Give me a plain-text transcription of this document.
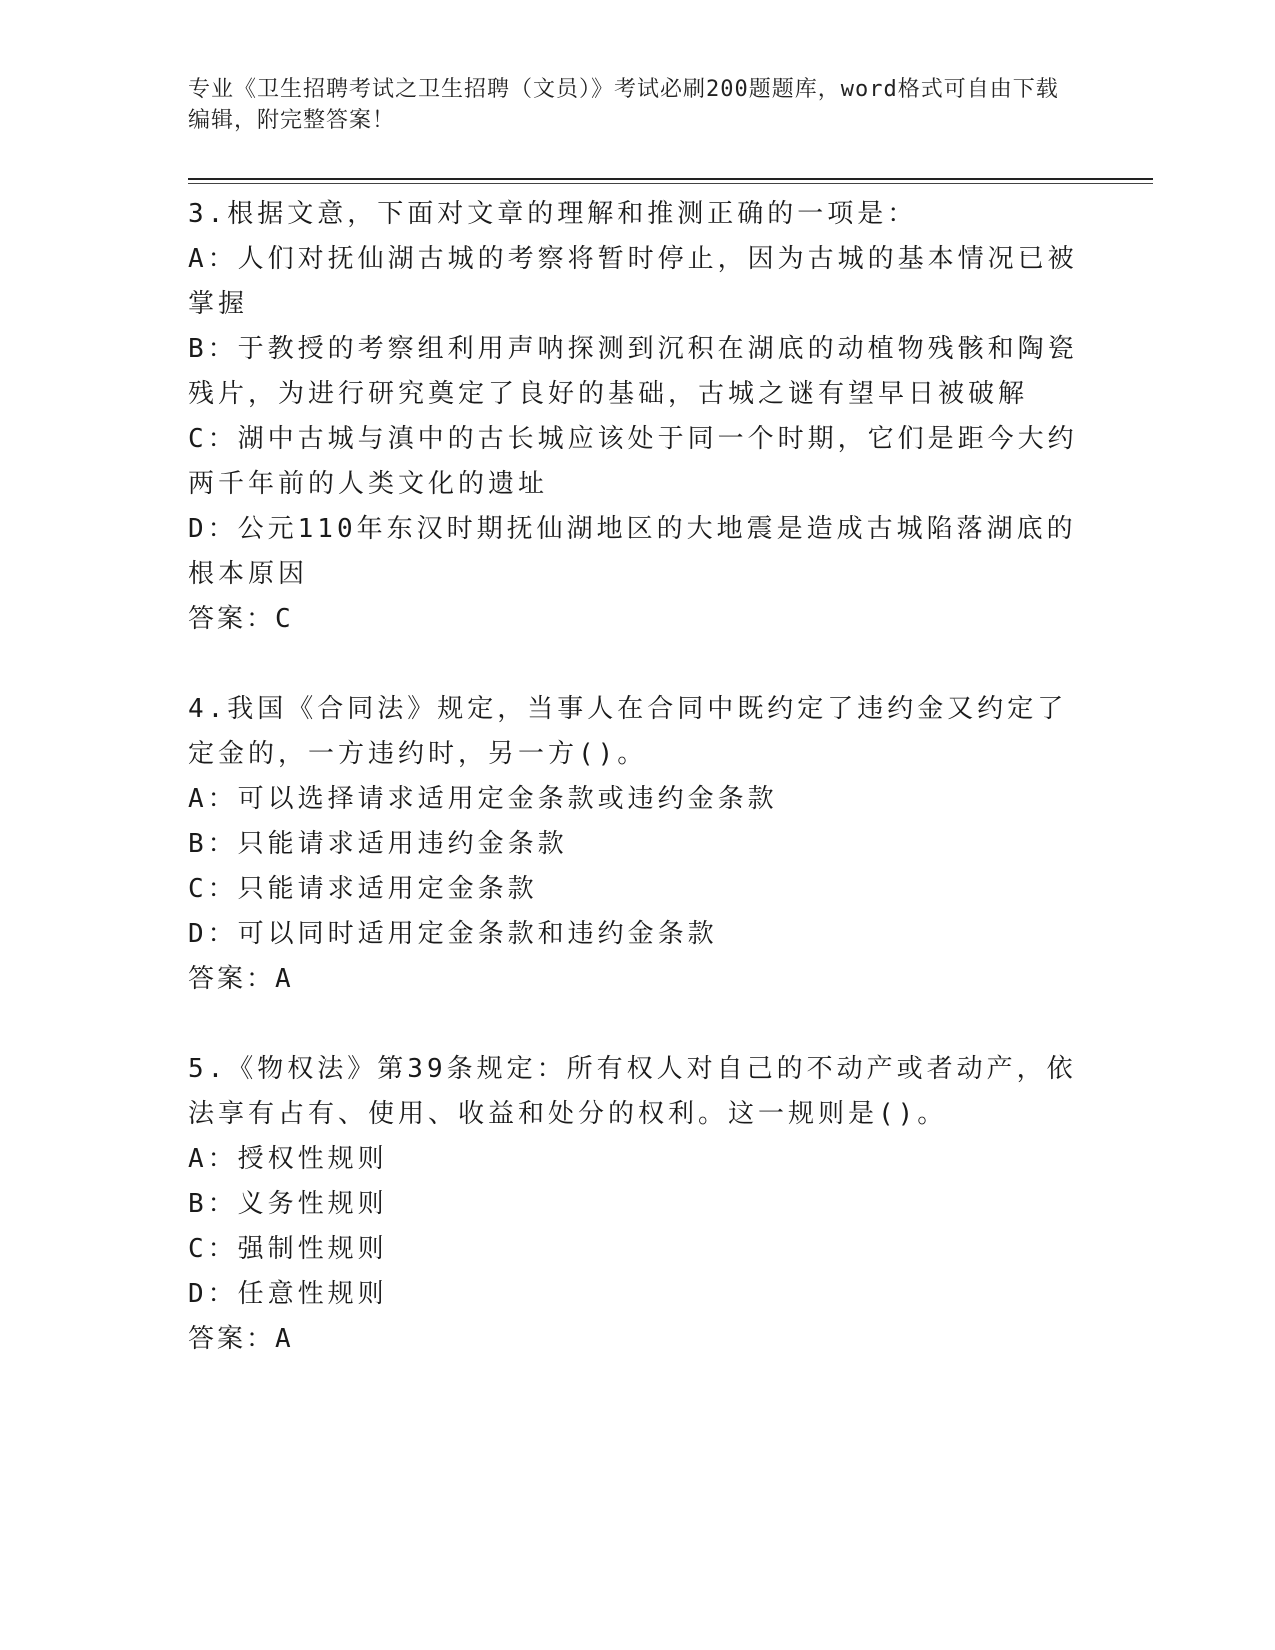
专业《卫生招聘考试之卫生招聘（文员）》考试必刷200题题库，word格式可自由下载编辑，附完整答案！

3.根据文意，下面对文章的理解和推测正确的一项是：

A：人们对抚仙湖古城的考察将暂时停止，因为古城的基本情况已被掌握

B：于教授的考察组利用声呐探测到沉积在湖底的动植物残骸和陶瓷残片，为进行研究奠定了良好的基础，古城之谜有望早日被破解

C：湖中古城与滇中的古长城应该处于同一个时期，它们是距今大约两千年前的人类文化的遗址

D：公元110年东汉时期抚仙湖地区的大地震是造成古城陷落湖底的根本原因

答案：C

4.我国《合同法》规定，当事人在合同中既约定了违约金又约定了定金的，一方违约时，另一方()。

A：可以选择请求适用定金条款或违约金条款

B：只能请求适用违约金条款

C：只能请求适用定金条款

D：可以同时适用定金条款和违约金条款

答案：A

5.《物权法》第39条规定：所有权人对自己的不动产或者动产，依法享有占有、使用、收益和处分的权利。这一规则是()。

A：授权性规则

B：义务性规则

C：强制性规则

D：任意性规则

答案：A
